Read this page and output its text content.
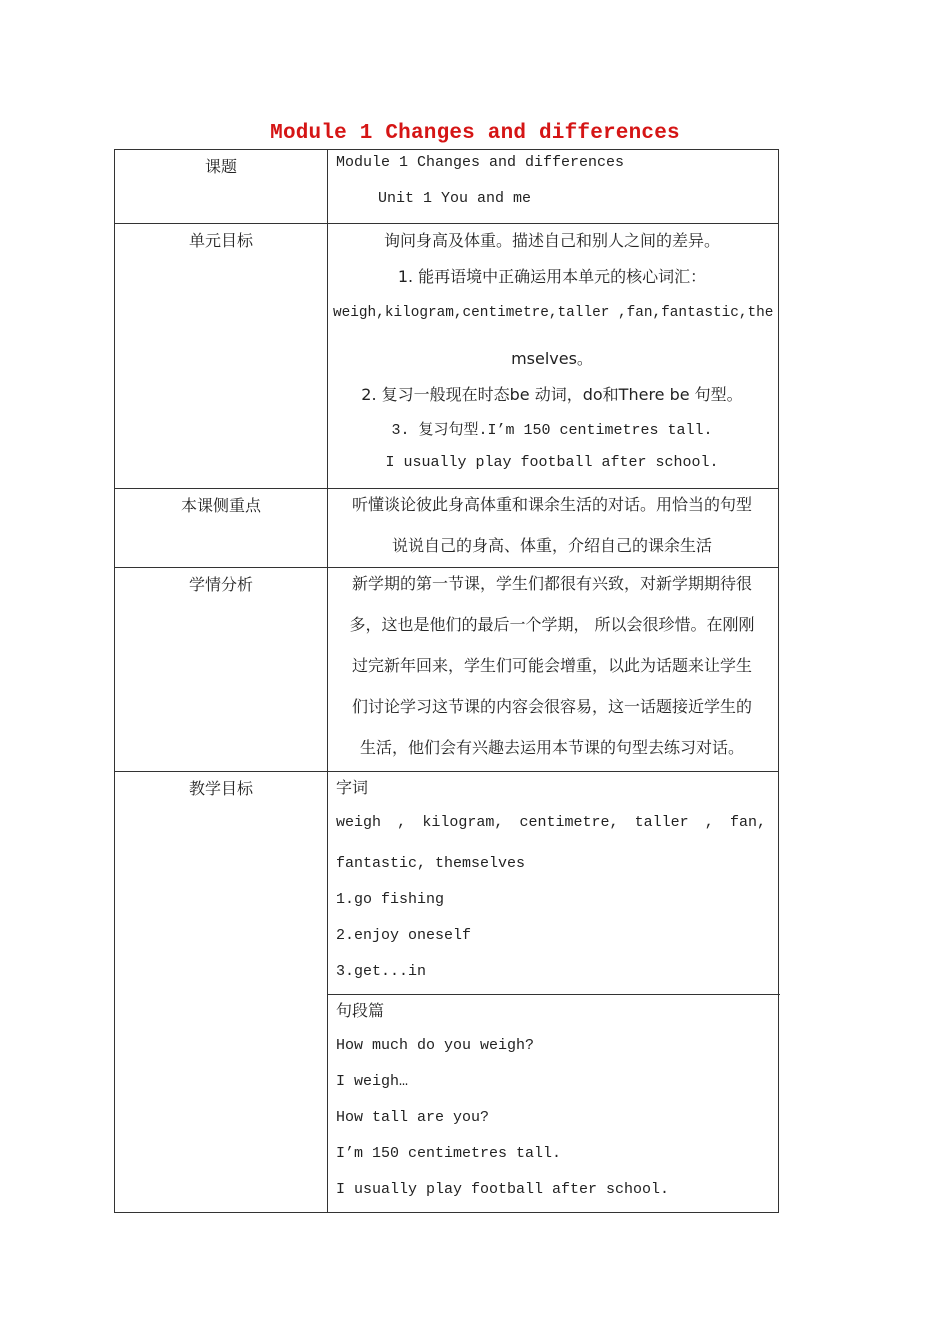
Module 1 Changes and differences
课题	Module 1 Changes and differences
Unit 1 You and me
单元目标	询问身高及体重。描述自己和别人之间的差异。
1. 能再语境中正确运用本单元的核心词汇：
weigh,kilogram,centimetre,taller ,fan,fantastic,the
mselves。
2. 复习一般现在时态be 动词，do和There be 句型。
3. 复习句型.I’m 150 centimetres tall.
I usually play football after school.
本课侧重点	听懂谈论彼此身高体重和课余生活的对话。用恰当的句型
说说自己的身高、体重，介绍自己的课余生活
学情分析	新学期的第一节课，学生们都很有兴致，对新学期期待很
多，这也是他们的最后一个学期， 所以会很珍惜。在刚刚
过完新年回来，学生们可能会增重，以此为话题来让学生
们讨论学习这节课的内容会很容易，这一话题接近学生的
生活，他们会有兴趣去运用本节课的句型去练习对话。
教学目标	字词
weigh , kilogram, centimetre, taller , fan,
fantastic, themselves
1.go fishing
2.enjoy oneself
3.get...in
句段篇
How much do you weigh?
I weigh…
How tall are you?
I’m 150 centimetres tall.
I usually play football after school.
